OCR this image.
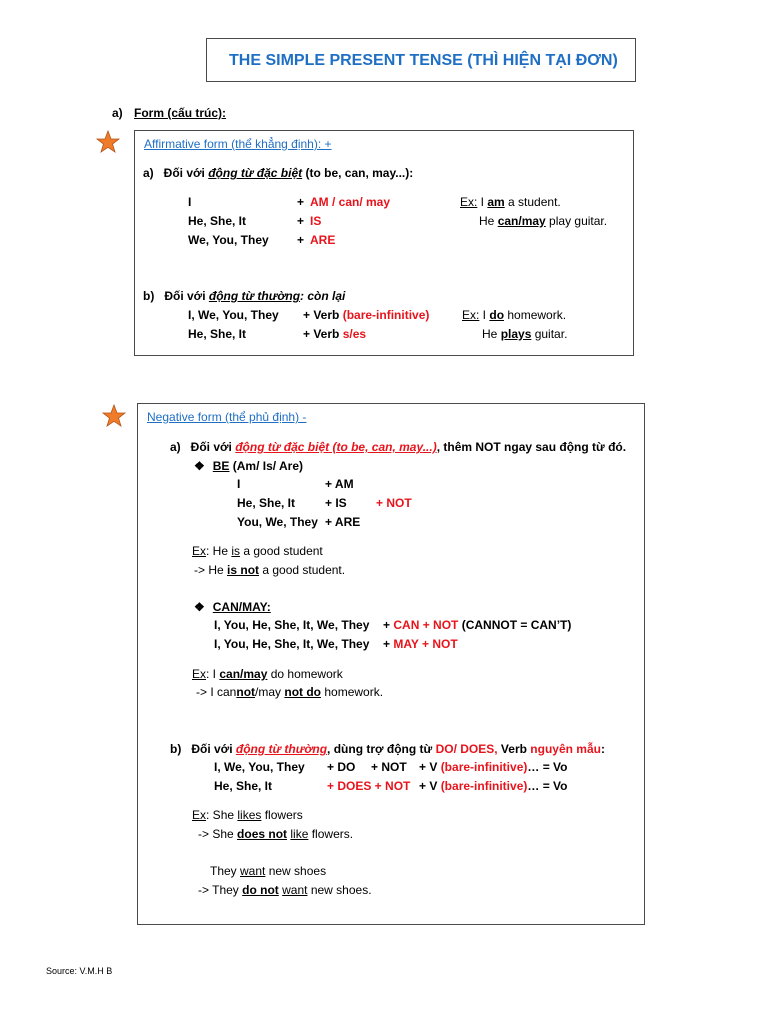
THE SIMPLE PRESENT TENSE (THÌ HIỆN TẠI ĐƠN)
a) Form (cấu trúc):
Affirmative form (thể khẳng định): +
a) Đối với động từ đặc biệt (to be, can, may...):
I	+ AM / can/ may
He, She, It	+ IS
We, You, They + ARE
Ex: I am a student.
He can/may play guitar.
b) Đối với động từ thường: còn lại
I, We, You, They + Verb (bare-infinitive)
He, She, It	+ Verb s/es
Ex: I do homework.
He plays guitar.
Negative form (thể phủ định) -
a) Đối với động từ đặc biệt (to be, can, may...), thêm NOT ngay sau động từ đó.
❖ BE (Am/ Is/ Are)
I	+ AM
He, She, It + IS + NOT
You, We, They + ARE
Ex: He is a good student
-> He is not a good student.
❖ CAN/MAY:
I, You, He, She, It, We, They + CAN + NOT (CANNOT = CAN’T)
I, You, He, She, It, We, They + MAY + NOT
Ex: I can/may do homework
-> I cannot/may not do homework.
b) Đối với động từ thường, dùng trợ động từ DO/ DOES, Verb nguyên mẫu:
I, We, You, They + DO + NOT + V (bare-infinitive)… = Vo
He, She, It	+ DOES + NOT + V (bare-infinitive)… = Vo
Ex: She likes flowers
-> She does not like flowers.
They want new shoes
-> They do not want new shoes.
Source: V.M.H B
